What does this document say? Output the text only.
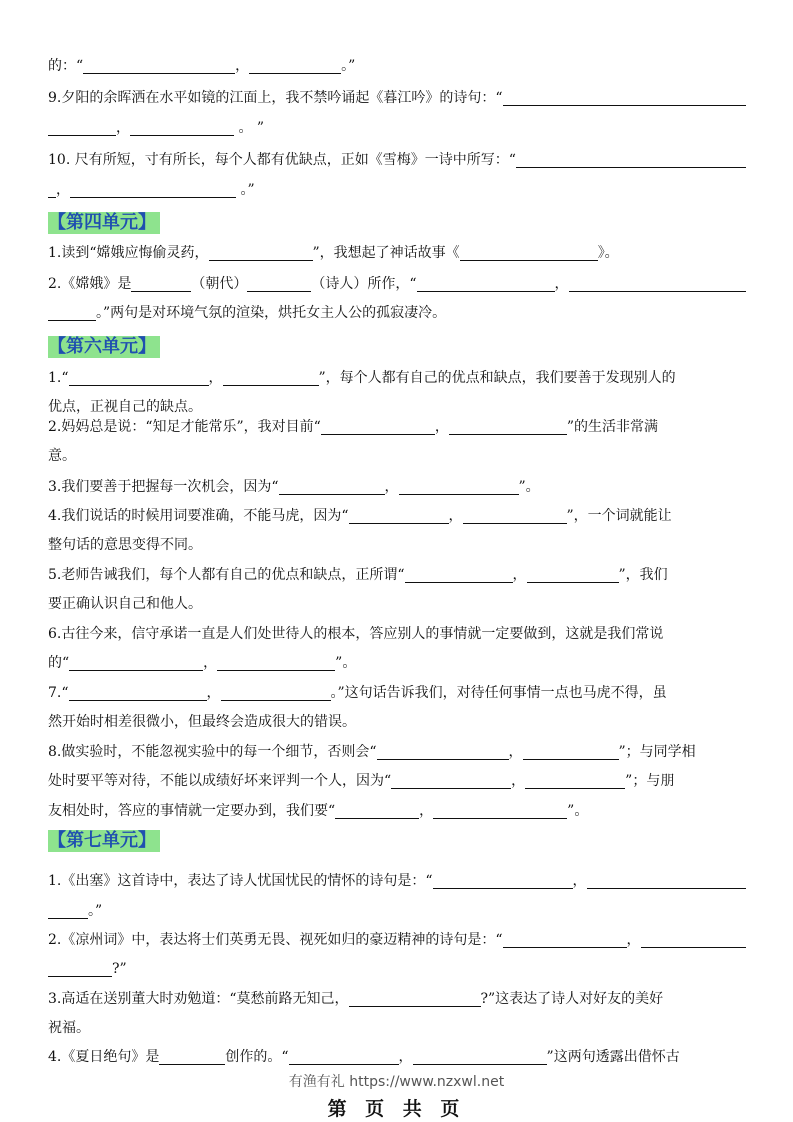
的：“	，	。”
9.夕阳的余晖洒在水平如镜的江面上，我不禁吟诵起《暮江吟》的诗句：“
，	。 ”
10. 尺有所短，寸有所长，每个人都有优缺点，正如《雪梅》一诗中所写：“
，	。”
【第四单元】
1.读到“嫦娥应悔偷灵药，	”，我想起了神话故事《	》。
2.《嫦娥》是	（朝代）	（诗人）所作，“	，
。”两句是对环境气氛的渲染，烘托女主人公的孤寂凄冷。
【第六单元】
1.“	，	”，每个人都有自己的优点和缺点，我们要善于发现别人的
优点，正视自己的缺点。
2.妈妈总是说：“知足才能常乐”，我对目前“	，	”的生活非常满
意。
3.我们要善于把握每一次机会，因为“	，	”。
4.我们说话的时候用词要准确，不能马虎，因为“	，	”，一个词就能让
整句话的意思变得不同。
5.老师告诫我们，每个人都有自己的优点和缺点，正所谓“	，	”，我们
要正确认识自己和他人。
6.古往今来，信守承诺一直是人们处世待人的根本，答应别人的事情就一定要做到，这就是我们常说
的“	，	”。
7.“	，	。”这句话告诉我们，对待任何事情一点也马虎不得，虽
然开始时相差很微小，但最终会造成很大的错误。
8.做实验时，不能忽视实验中的每一个细节，否则会“	，	”；与同学相
处时要平等对待，不能以成绩好坏来评判一个人，因为“	，	”；与朋
友相处时，答应的事情就一定要办到，我们要“	，	”。
【第七单元】
1.《出塞》这首诗中，表达了诗人忧国忧民的情怀的诗句是：“	，
。”
2.《凉州词》中，表达将士们英勇无畏、视死如归的豪迈精神的诗句是：“	，
?”
3.高适在送别董大时劝勉道：“莫愁前路无知己，	?”这表达了诗人对好友的美好
祝福。
4.《夏日绝句》是	创作的。“	，	”这两句透露出借怀古
有渔有礼 https://www.nzxwl.net
第 页 共 页
